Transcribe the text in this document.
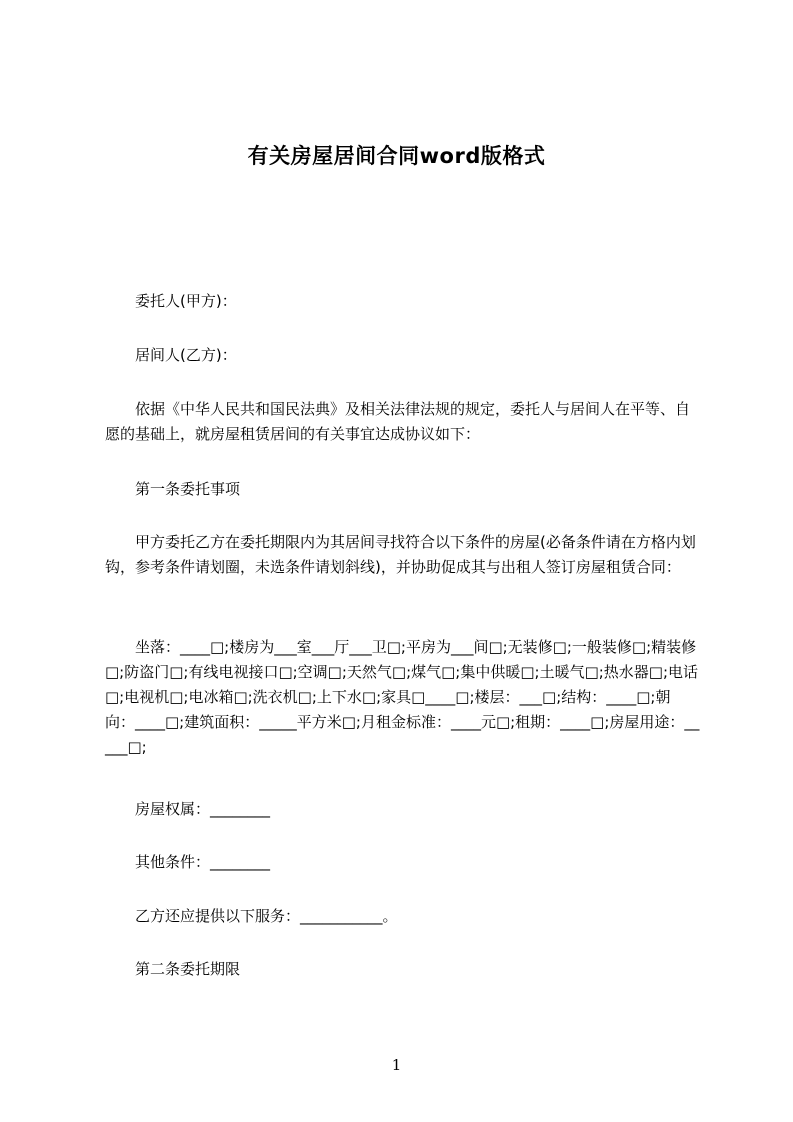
有关房屋居间合同word版格式
委托人(甲方)：
居间人(乙方)：
依据《中华人民共和国民法典》及相关法律法规的规定，委托人与居间人在平等、自愿的基础上，就房屋租赁居间的有关事宜达成协议如下：
第一条委托事项
甲方委托乙方在委托期限内为其居间寻找符合以下条件的房屋(必备条件请在方格内划钩，参考条件请划圈，未选条件请划斜线)，并协助促成其与出租人签订房屋租赁合同：
坐落：____□;楼房为___室___厅___卫□;平房为___间□;无装修□;一般装修□;精装修□;防盗门□;有线电视接口□;空调□;天然气□;煤气□;集中供暖□;土暖气□;热水器□;电话□;电视机□;电冰箱□;洗衣机□;上下水□;家具□____□;楼层：___□;结构：____□;朝向：____□;建筑面积：_____平方米□;月租金标准：____元□;租期：____□;房屋用途：_____□;
房屋权属：________
其他条件：________
乙方还应提供以下服务：___________。
第二条委托期限
1
